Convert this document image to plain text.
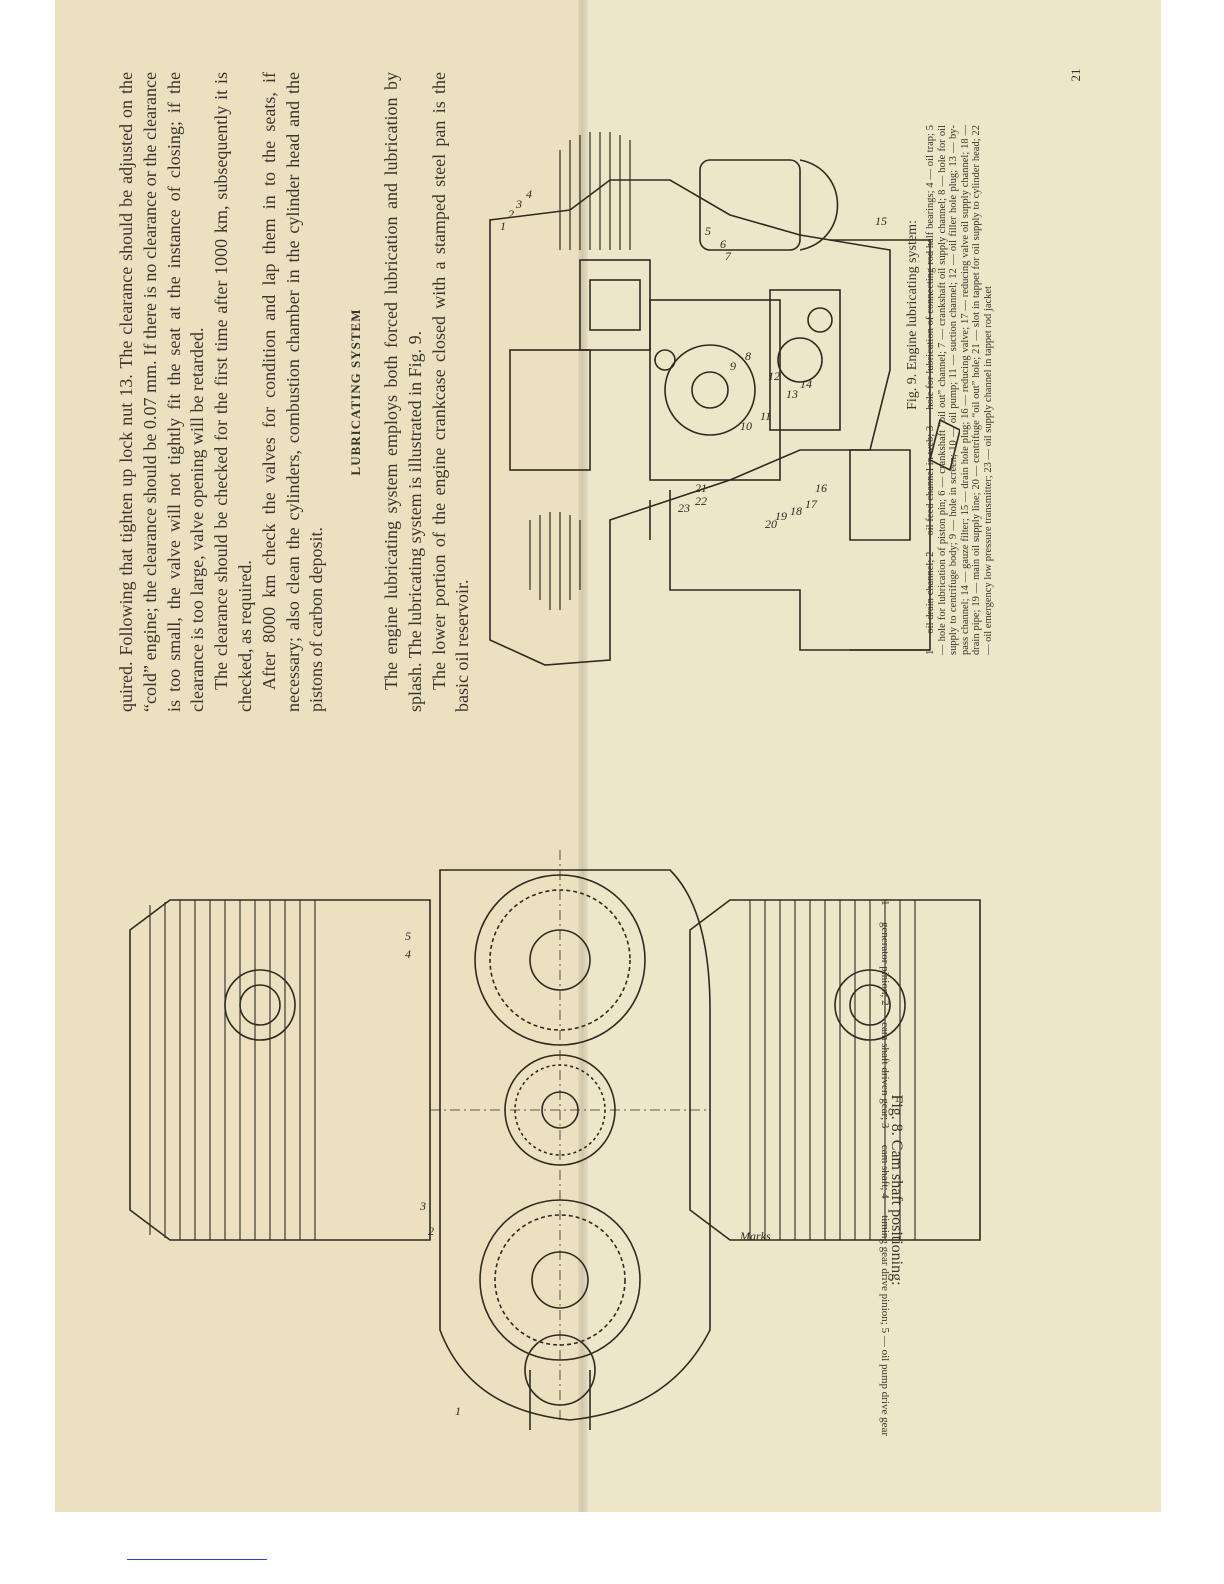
quired. Following that tighten up lock nut 13. The clearance should be adjusted on the “cold” engine; the clearance should be 0.07 mm. If there is no clearance or the clearance is too small, the valve will not tightly fit the seat at the instance of closing; if the clearance is too large, valve opening will be retarded. The clearance should be checked for the first time after 1000 km, subsequently it is checked, as required. After 8000 km check the valves for condition and lap them in to the seats, if necessary; also clean the cylinders, combustion chamber in the cylinder head and the pistons of carbon deposit.

LUBRICATING SYSTEM The engine lubricating system employs both forced lubrication and lubrication by splash. The lubricating system is illustrated in Fig. 9. The lower portion of the engine crankcase closed with a stamped steel pan is the basic oil reservoir.

1
2
3
4
5
6
7
8
9
10
11
12
13
14
15
16
17
18
19
20
21
22
23
Fig. 9. Engine lubricating system: 1 — oil drain channel; 2 — oil feed channel in web; 3 — hole for lubrication of connecting rod half bearings; 4 — oil trap; 5 — hole for lubrication of piston pin; 6 — crankshaft “oil out” channel; 7 — crankshaft oil supply channel; 8 — hole for oil supply to centrifuge body; 9 — hole in screen; 10 — oil pump; 11 — suction channel; 12 — oil filler hole plug; 13 — by-pass channel; 14 — gauze filter; 15 — drain hole plug; 16 — reducing valve; 17 — reducing valve oil supply channel; 18 — drain pipe; 19 — main oil supply line; 20 — centrifuge “oil out” hole; 21 — slot in tappet for oil supply to cylinder head; 22 — oil emergency low pressure transmitter; 23 — oil supply channel in tappet rod jacket
21
1
2
3
4
5
Marks	Fig. 8. Cam shaft positioning:
1 — generator pinion; 2 — cam shaft driven gear; 3 — cam shaft; 4 — timing gear drive pinion; 5 — oil pump drive gear
